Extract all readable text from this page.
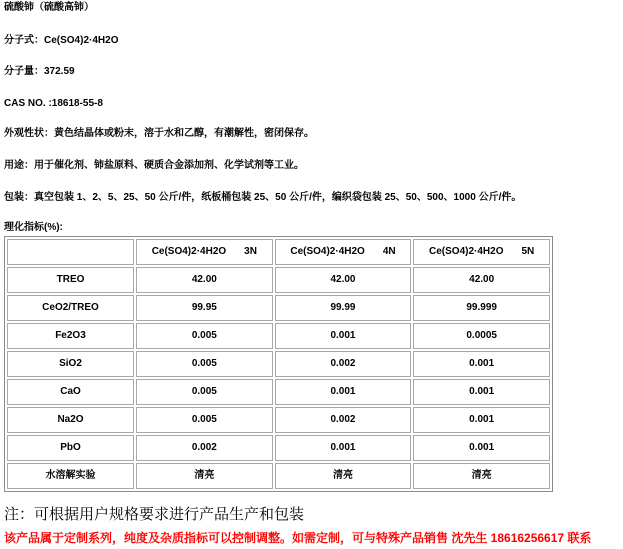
硫酸铈（硫酸高铈）
分子式：Ce(SO4)2·4H2O
分子量：372.59
CAS NO. :18618-55-8
外观性状：黄色结晶体或粉末，溶于水和乙醇，有潮解性，密闭保存。
用途：用于催化剂、铈盐原料、硬质合金添加剂、化学试剂等工业。
包装：真空包装 1、2、5、25、50 公斤/件，纸板桶包装 25、50 公斤/件，编织袋包装 25、50、500、1000 公斤/件。
理化指标(%):
	Ce(SO4)2·4H2O 3N	Ce(SO4)2·4H2O 4N	Ce(SO4)2·4H2O 5N
TREO	42.00	42.00	42.00
CeO2/TREO	99.95	99.99	99.999
Fe2O3	0.005	0.001	0.0005
SiO2	0.005	0.002	0.001
CaO	0.005	0.001	0.001
Na2O	0.005	0.002	0.001
PbO	0.002	0.001	0.001
水溶解实验	清亮	清亮	清亮
注：可根据用户规格要求进行产品生产和包装
该产品属于定制系列，纯度及杂质指标可以控制调整。如需定制，可与特殊产品销售 沈先生 18616256617 联系
